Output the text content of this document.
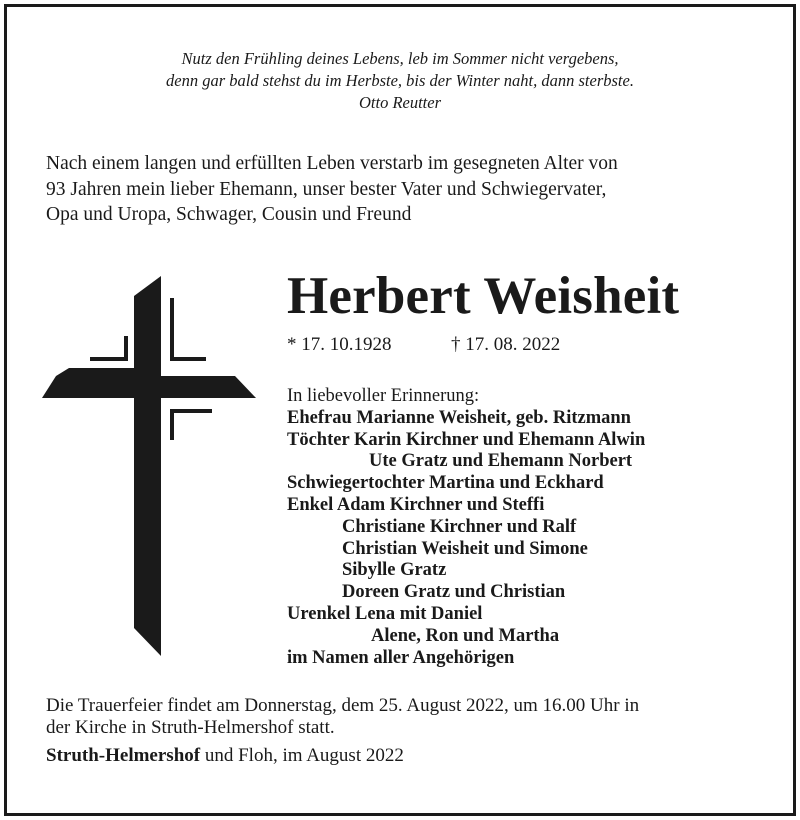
Nutz den Frühling deines Lebens, leb im Sommer nicht vergebens,
denn gar bald stehst du im Herbste, bis der Winter naht, dann sterbste.
Otto Reutter
Nach einem langen und erfüllten Leben verstarb im gesegneten Alter von
93 Jahren mein lieber Ehemann, unser bester Vater und Schwiegervater,
Opa und Uropa, Schwager, Cousin und Freund
Herbert Weisheit
* 17. 10.1928	† 17. 08. 2022
In liebevoller Erinnerung:
Ehefrau Marianne Weisheit, geb. Ritzmann
Töchter Karin Kirchner und Ehemann Alwin
Ute Gratz und Ehemann Norbert
Schwiegertochter Martina und Eckhard
Enkel Adam Kirchner und Steffi
Christiane Kirchner und Ralf
Christian Weisheit und Simone
Sibylle Gratz
Doreen Gratz und Christian
Urenkel Lena mit Daniel
Alene, Ron und Martha
im Namen aller Angehörigen
Die Trauerfeier findet am Donnerstag, dem 25. August 2022, um 16.00 Uhr in
der Kirche in Struth-Helmershof statt.
Struth-Helmershof und Floh, im August 2022
